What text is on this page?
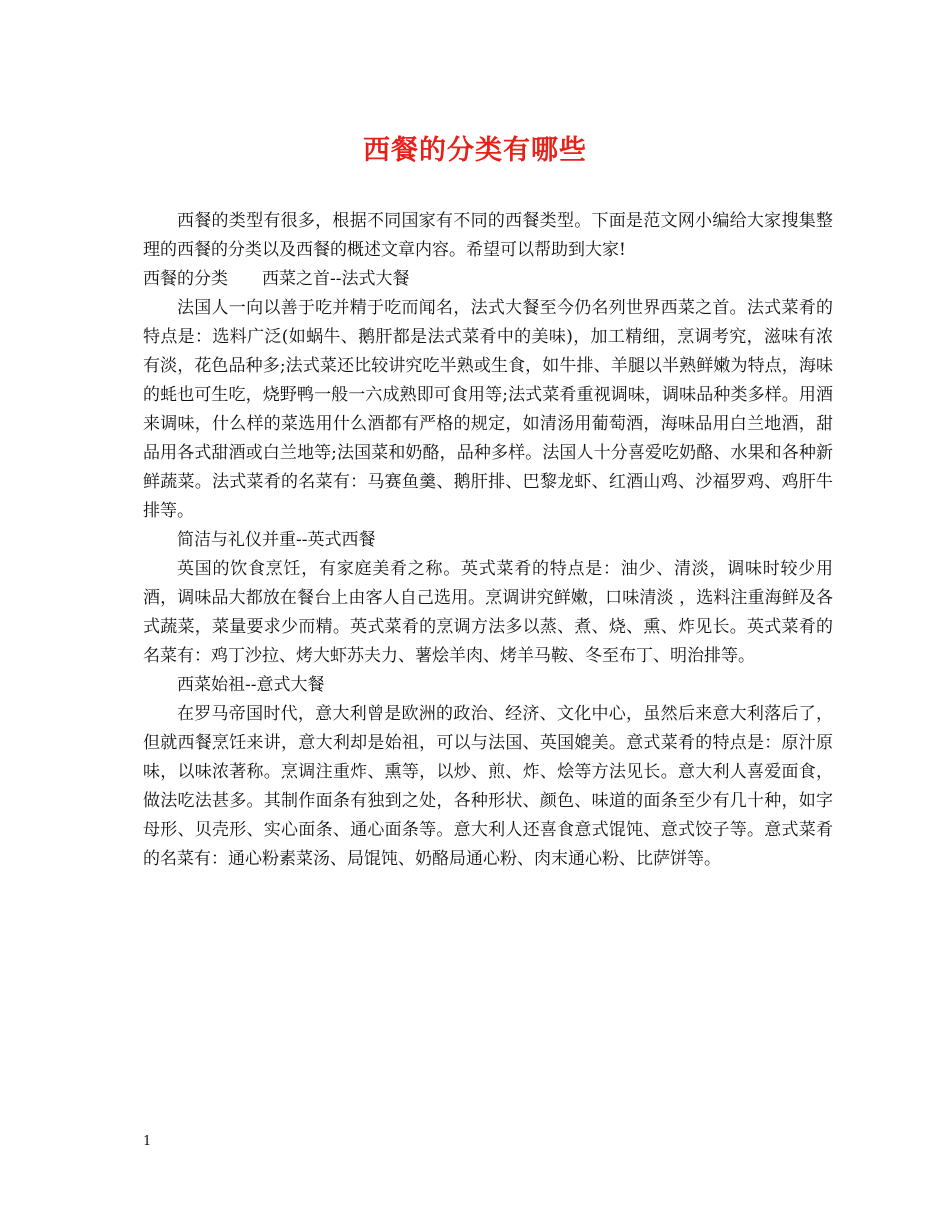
西餐的分类有哪些

西餐的类型有很多，根据不同国家有不同的西餐类型。下面是范文网小编给大家搜集整理的西餐的分类以及西餐的概述文章内容。希望可以帮助到大家!

西餐的分类　　西菜之首--法式大餐

法国人一向以善于吃并精于吃而闻名，法式大餐至今仍名列世界西菜之首。法式菜肴的特点是：选料广泛(如蜗牛、鹅肝都是法式菜肴中的美味)，加工精细，烹调考究，滋味有浓有淡，花色品种多;法式菜还比较讲究吃半熟或生食，如牛排、羊腿以半熟鲜嫩为特点，海味的蚝也可生吃，烧野鸭一般一六成熟即可食用等;法式菜肴重视调味，调味品种类多样。用酒来调味，什么样的菜选用什么酒都有严格的规定，如清汤用葡萄酒，海味品用白兰地酒，甜品用各式甜酒或白兰地等;法国菜和奶酪，品种多样。法国人十分喜爱吃奶酪、水果和各种新鲜蔬菜。法式菜肴的名菜有：马赛鱼羹、鹅肝排、巴黎龙虾、红酒山鸡、沙福罗鸡、鸡肝牛排等。

简洁与礼仪并重--英式西餐

英国的饮食烹饪，有家庭美肴之称。英式菜肴的特点是：油少、清淡，调味时较少用酒，调味品大都放在餐台上由客人自己选用。烹调讲究鲜嫩，口味清淡 ，选料注重海鲜及各式蔬菜，菜量要求少而精。英式菜肴的烹调方法多以蒸、煮、烧、熏、炸见长。英式菜肴的名菜有：鸡丁沙拉、烤大虾苏夫力、薯烩羊肉、烤羊马鞍、冬至布丁、明治排等。

西菜始祖--意式大餐

在罗马帝国时代，意大利曾是欧洲的政治、经济、文化中心，虽然后来意大利落后了，但就西餐烹饪来讲，意大利却是始祖，可以与法国、英国媲美。意式菜肴的特点是：原汁原味，以味浓著称。烹调注重炸、熏等，以炒、煎、炸、烩等方法见长。意大利人喜爱面食，做法吃法甚多。其制作面条有独到之处，各种形状、颜色、味道的面条至少有几十种，如字母形、贝壳形、实心面条、通心面条等。意大利人还喜食意式馄饨、意式饺子等。意式菜肴的名菜有：通心粉素菜汤、局馄饨、奶酪局通心粉、肉末通心粉、比萨饼等。

1
